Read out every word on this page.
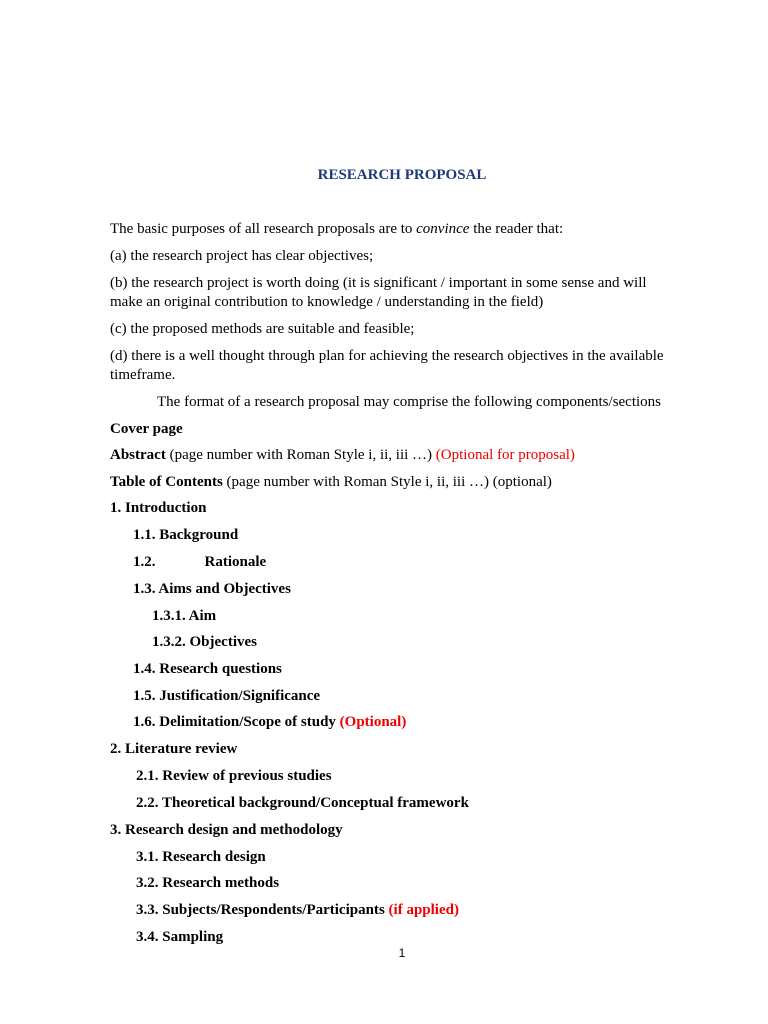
RESEARCH PROPOSAL
The basic purposes of all research proposals are to convince the reader that:
(a) the research project has clear objectives;
(b) the research project is worth doing (it is significant / important in some sense and will
make an original contribution to knowledge / understanding in the field)
(c) the proposed methods are suitable and feasible;
(d) there is a well thought through plan for achieving the research objectives in the available
timeframe.
The format of a research proposal may comprise the following components/sections
Cover page
Abstract (page number with Roman Style i, ii, iii …) (Optional for proposal)
Table of Contents (page number with Roman Style i, ii, iii …) (optional)
1. Introduction
1.1. Background
1.2.	Rationale
1.3. Aims and Objectives
1.3.1. Aim
1.3.2. Objectives
1.4. Research questions
1.5. Justification/Significance
1.6. Delimitation/Scope of study (Optional)
2. Literature review
2.1. Review of previous studies
2.2. Theoretical background/Conceptual framework
3. Research design and methodology
3.1. Research design
3.2. Research methods
3.3. Subjects/Respondents/Participants (if applied)
3.4. Sampling
1
